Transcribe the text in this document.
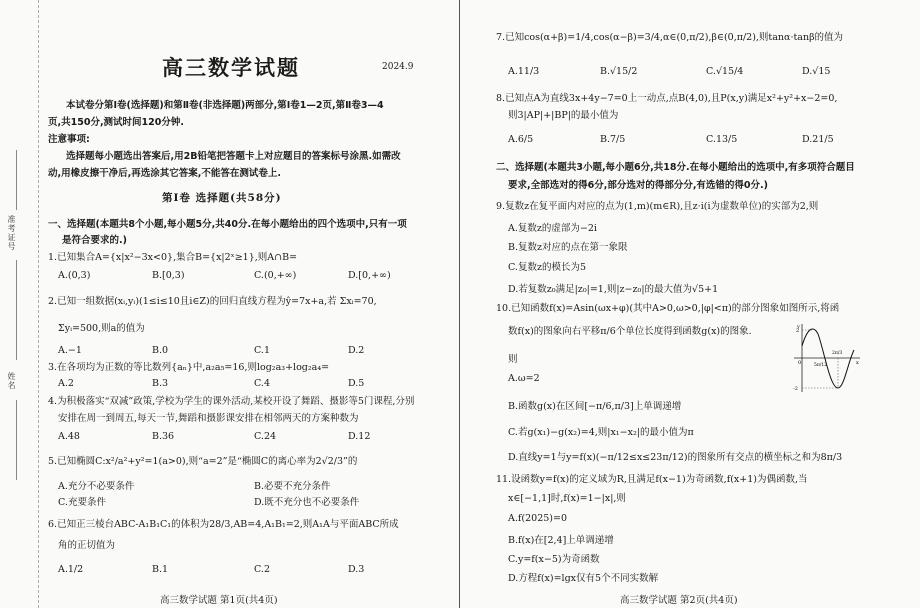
准考证号
姓名
高三数学试题	2024.9
本试卷分第Ⅰ卷(选择题)和第Ⅱ卷(非选择题)两部分,第Ⅰ卷1—2页,第Ⅱ卷3—4
页,共150分,测试时间120分钟.
注意事项:
选择题每小题选出答案后,用2B铅笔把答题卡上对应题目的答案标号涂黑.如需改
动,用橡皮擦干净后,再选涂其它答案,不能答在测试卷上.
第Ⅰ卷 选择题(共58分)
一、选择题(本题共8个小题,每小题5分,共40分.在每小题给出的四个选项中,只有一项
是符合要求的.)
1.已知集合A={x|x²−3x<0},集合B={x|2ˣ≥1},则A∩B=
A.(0,3)	B.[0,3)	C.(0,+∞)	D.[0,+∞)
2.已知一组数据(xᵢ,yᵢ)(1≤i≤10且i∈Z)的回归直线方程为ŷ=7x+a,若 Σxᵢ=70,
Σyᵢ=500,则a的值为
A.−1	B.0	C.1	D.2
3.在各项均为正数的等比数列{aₙ}中,a₂a₅=16,则log₂a₃+log₂a₄=
A.2	B.3	C.4	D.5
4.为积极落实“双减”政策,学校为学生的课外活动,某校开设了舞蹈、摄影等5门课程,分别
安排在周一到周五,每天一节,舞蹈和摄影课安排在相邻两天的方案种数为
A.48	B.36	C.24	D.12
5.已知椭圆C:x²/a²+y²=1(a>0),则“a=2”是“椭圆C的离心率为2√2/3”的
A.充分不必要条件	B.必要不充分条件
C.充要条件	D.既不充分也不必要条件
6.已知正三棱台ABC-A₁B₁C₁的体积为28/3,AB=4,A₁B₁=2,则A₁A与平面ABC所成
角的正切值为
A.1/2	B.1	C.2	D.3
高三数学试题 第1页(共4页)
7.已知cos(α+β)=1/4,cos(α−β)=3/4,α∈(0,π/2),β∈(0,π/2),则tanα·tanβ的值为
A.11/3	B.√15/2	C.√15/4	D.√15
8.已知点A为直线3x+4y−7=0上一动点,点B(4,0),且P(x,y)满足x²+y²+x−2=0,
则3|AP|+|BP|的最小值为
A.6/5	B.7/5	C.13/5	D.21/5
二、选择题(本题共3小题,每小题6分,共18分.在每小题给出的选项中,有多项符合题目
要求,全部选对的得6分,部分选对的得部分分,有选错的得0分.)
9.复数z在复平面内对应的点为(1,m)(m∈R),且z·i(i为虚数单位)的实部为2,则
A.复数z的虚部为−2i
B.复数z对应的点在第一象限
C.复数z的模长为5
D.若复数z₀满足|z₀|=1,则|z−z₀|的最大值为√5+1
10.已知函数f(x)=Asin(ωx+φ)(其中A>0,ω>0,|φ|<π)的部分图象如图所示,将函
数f(x)的图象向右平移π/6个单位长度得到函数g(x)的图象.
则
A.ω=2
B.函数g(x)在区间[−π/6,π/3]上单调递增
C.若g(x₁)−g(x₂)=4,则|x₁−x₂|的最小值为π
D.直线y=1与y=f(x)(−π/12≤x≤23π/12)的图象所有交点的横坐标之和为8π/3
11.设函数y=f(x)的定义域为R,且满足f(x−1)为奇函数,f(x+1)为偶函数,当
x∈[−1,1]时,f(x)=1−|x|,则
A.f(2025)=0
B.f(x)在[2,4]上单调递增
C.y=f(x−5)为奇函数
D.方程f(x)=lgx仅有5个不同实数解
高三数学试题 第2页(共4页)
y
2
-2
0	5π/12
2π/3
x
